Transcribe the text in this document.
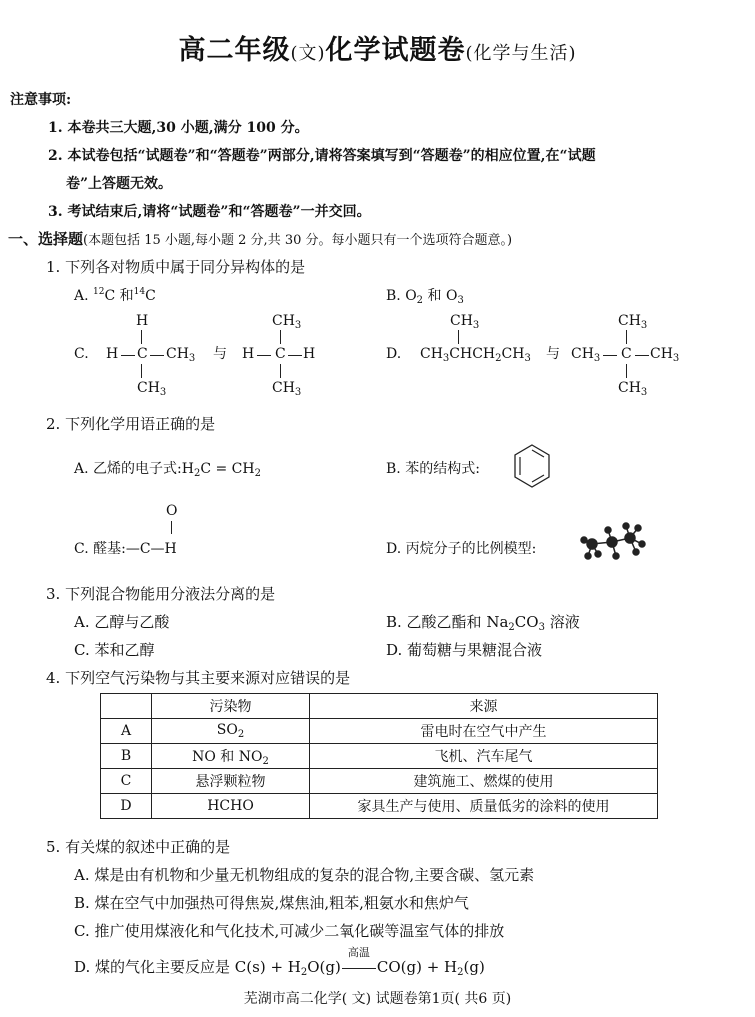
高二年级(文)化学试题卷(化学与生活)
注意事项:
1. 本卷共三大题,30 小题,满分 100 分。
2. 本试卷包括“试题卷”和“答题卷”两部分,请将答案填写到“答题卷”的相应位置,在“试题
卷”上答题无效。
3. 考试结束后,请将“试题卷”和“答题卷”一并交回。
一、选择题(本题包括 15 小题,每小题 2 分,共 30 分。每小题只有一个选项符合题意。)
1. 下列各对物质中属于同分异构体的是
A. $^{12}$C 和$^{14}$C	B. $O_2$ 和 $O_3$
C.
H
H C $CH_3$
$CH_3$
与
$CH_3$
H C H
$CH_3$
D.
$CH_3$
$CH_3CHCH_2CH_3$ 与
$CH_3$
$CH_3$ C $CH_3$
$CH_3$
2. 下列化学用语正确的是
A. 乙烯的电子式$:H_2C = CH_2$	B. 苯的结构式:
O
C. 醛基:—C—H	D. 丙烷分子的比例模型:
3. 下列混合物能用分液法分离的是
A. 乙醇与乙酸	B. 乙酸乙酯和 $Na_2CO_3$ 溶液
C. 苯和乙醇	D. 葡萄糖与果糖混合液
4. 下列空气污染物与其主要来源对应错误的是
	污染物	来源
A	$SO_2$	雷电时在空气中产生
B	NO 和 $NO_2$	飞机、汽车尾气
C	悬浮颗粒物	建筑施工、燃煤的使用
D	HCHO	家具生产与使用、质量低劣的涂料的使用
5. 有关煤的叙述中正确的是
A. 煤是由有机物和少量无机物组成的复杂的混合物,主要含碳、氢元素
B. 煤在空气中加强热可得焦炭,煤焦油,粗苯,粗氨水和焦炉气
C. 推广使用煤液化和气化技术,可减少二氧化碳等温室气体的排放
D. 煤的气化主要反应是 $C(s) + H_2O(g)$
高温
$CO(g) + H_2(g)$
芜湖市高二化学( 文) 试题卷第1页( 共6 页)
